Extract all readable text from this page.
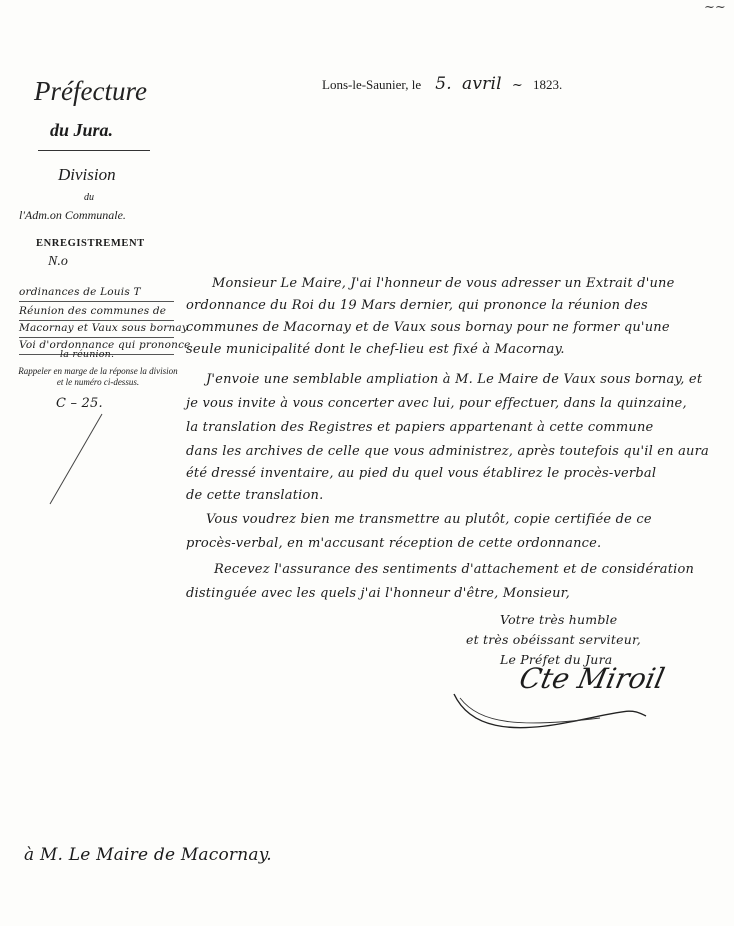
~~
Préfecture
du Jura.
Division
du
l'Adm.on Communale.
ENREGISTREMENT
N.o
ordinances de Louis T
Réunion des communes de
Macornay et Vaux sous bornay
Voi d'ordonnance qui prononce
la réunion.
Rappeler en marge de la réponse la division et le numéro ci-dessus.
C – 25.
Lons-le-Saunier, le 5. avril ~ 1823.
Monsieur Le Maire, J'ai l'honneur de vous adresser un Extrait d'une
ordonnance du Roi du 19 Mars dernier, qui prononce la réunion des
communes de Macornay et de Vaux sous bornay pour ne former qu'une
seule municipalité dont le chef-lieu est fixé à Macornay.
J'envoie une semblable ampliation à M. Le Maire de Vaux sous bornay, et
je vous invite à vous concerter avec lui, pour effectuer, dans la quinzaine,
la translation des Registres et papiers appartenant à cette commune
dans les archives de celle que vous administrez, après toutefois qu'il en aura
été dressé inventaire, au pied du quel vous établirez le procès-verbal
de cette translation.
Vous voudrez bien me transmettre au plutôt, copie certifiée de ce
procès-verbal, en m'accusant réception de cette ordonnance.
Recevez l'assurance des sentiments d'attachement et de considération
distinguée avec les quels j'ai l'honneur d'être, Monsieur,
Votre très humble
et très obéissant serviteur,
Le Préfet du Jura
Cte Miroil
à M. Le Maire de Macornay.
